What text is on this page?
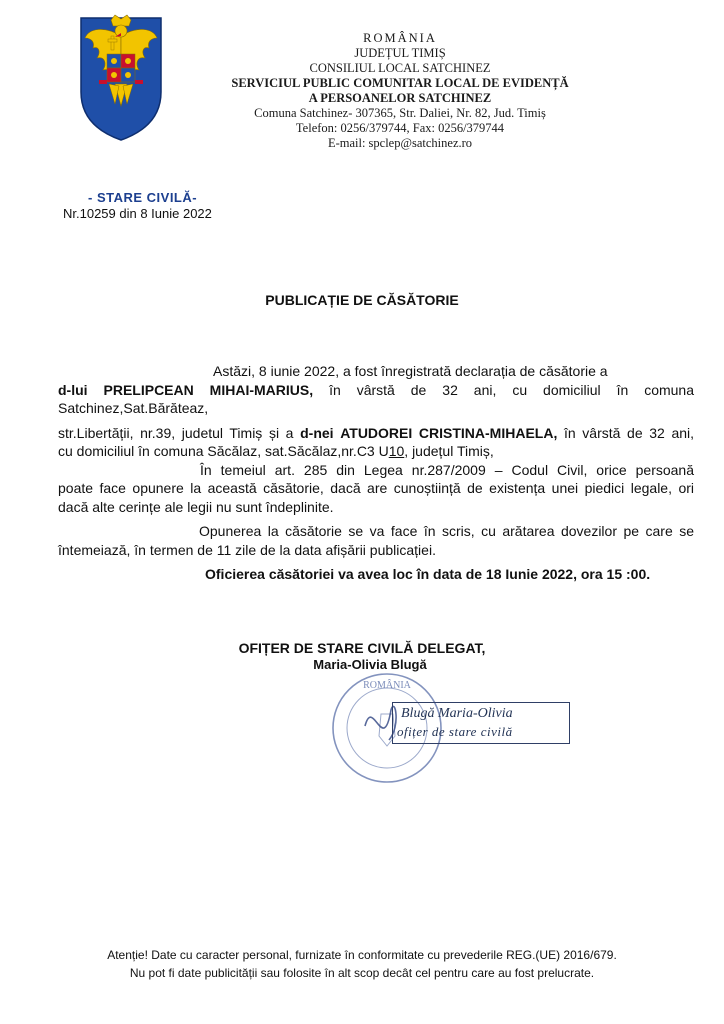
ROMÂNIA
JUDEȚUL TIMIȘ
CONSILIUL LOCAL SATCHINEZ
SERVICIUL PUBLIC COMUNITAR LOCAL DE EVIDENȚĂ
A PERSOANELOR SATCHINEZ
Comuna Satchinez- 307365, Str. Daliei, Nr. 82, Jud. Timiș
Telefon: 0256/379744, Fax: 0256/379744
E-mail: spclep@satchinez.ro
- STARE CIVILĂ-
Nr.10259 din 8 Iunie 2022
PUBLICAȚIE DE CĂSĂTORIE

Astăzi, 8 iunie 2022, a fost înregistrată declarația de căsătorie a

d-lui PRELIPCEAN MIHAI-MARIUS, în vârstă de 32 ani, cu domiciliul în comuna

Satchinez,Sat.Bărăteaz,

str.Libertății, nr.39, judetul Timiș și a d-nei ATUDOREI CRISTINA-MIHAELA, în vârstă de 32 ani,

cu domiciliul în comuna Săcălaz, sat.Săcălaz,nr.C3 U10, județul Timiș,

În temeiul art. 285 din Legea nr.287/2009 – Codul Civil, orice persoană

poate face opunere la această căsătorie, dacă are cunoștiință de existența unei piedici legale, ori

dacă alte cerințe ale legii nu sunt îndeplinite.

Opunerea la căsătorie se va face în scris, cu arătarea dovezilor pe care se

întemeiază, în termen de 11 zile de la data afișării publicației.

Oficierea căsătoriei va avea loc în data de 18 Iunie 2022, ora 15 :00.

OFIȚER DE STARE CIVILĂ DELEGAT,
Maria-Olivia Blugă
ROMÂNIA
Blugă Maria-Olivia
ofițer de stare civilă
Atenție! Date cu caracter personal, furnizate în conformitate cu prevederile REG.(UE) 2016/679.
Nu pot fi date publicității sau folosite în alt scop decât cel pentru care au fost prelucrate.
